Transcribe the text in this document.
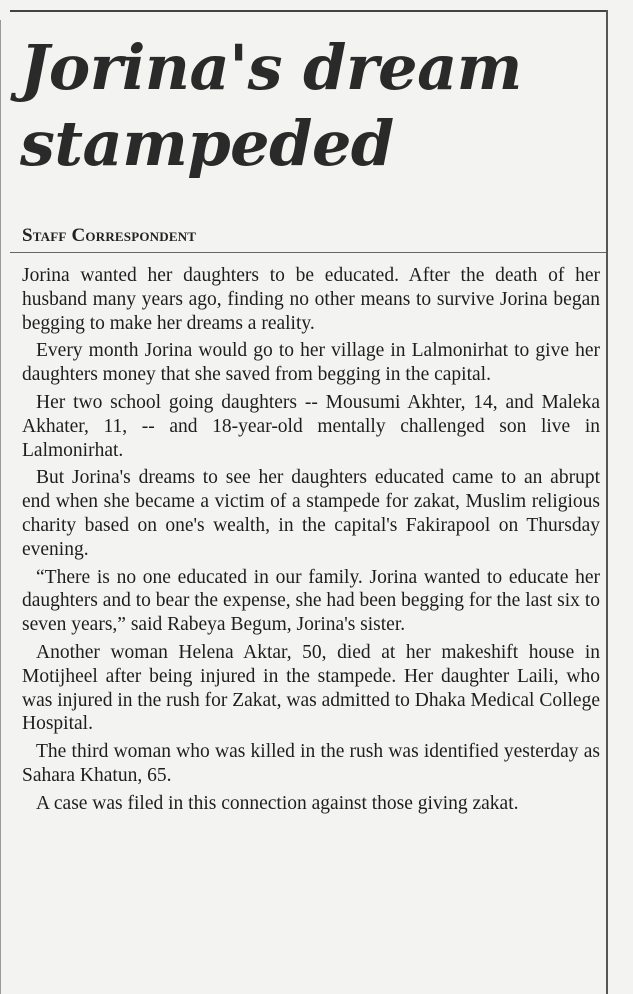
Jorina's dream stampeded
Staff Correspondent

Jorina wanted her daughters to be educated. After the death of her husband many years ago, finding no other means to survive Jorina began begging to make her dreams a reality.

Every month Jorina would go to her village in Lalmonirhat to give her daughters money that she saved from begging in the capital.

Her two school going daughters -- Mousumi Akhter, 14, and Maleka Akhater, 11, -- and 18-year-old mentally challenged son live in Lalmonirhat.

But Jorina's dreams to see her daughters educated came to an abrupt end when she became a victim of a stampede for zakat, Muslim religious charity based on one's wealth, in the capital's Fakirapool on Thursday evening.

“There is no one educated in our family. Jorina wanted to educate her daughters and to bear the expense, she had been begging for the last six to seven years,” said Rabeya Begum, Jorina's sister.

Another woman Helena Aktar, 50, died at her makeshift house in Motijheel after being injured in the stampede. Her daughter Laili, who was injured in the rush for Zakat, was admitted to Dhaka Medical College Hospital.

The third woman who was killed in the rush was identified yesterday as Sahara Khatun, 65.

A case was filed in this connection against those giving zakat.
